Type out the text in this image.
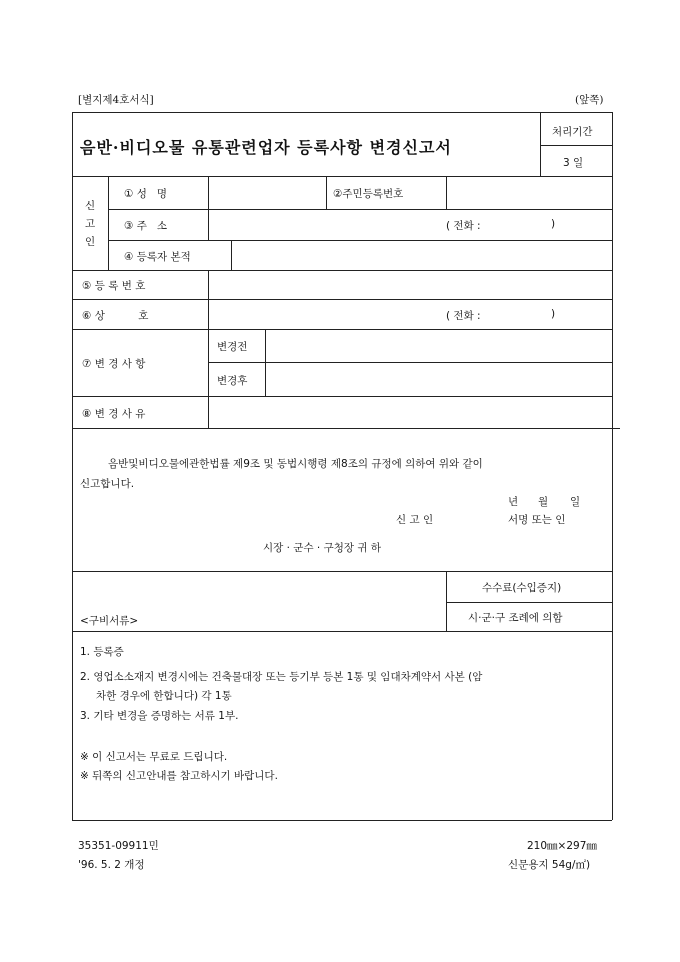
[별지제4호서식]	(앞쪽)
음반·비디오물 유통관련업자 등록사항 변경신고서
처리기간
3 일
신
고
인
① 성   명	②주민등록번호
③ 주   소	( 전화 :	)
④ 등록자 본적
⑤ 등 록 번 호
⑥ 상          호	( 전화 :	)
⑦ 변 경 사 항
변경전
변경후
⑧ 변 경 사 유
음반및비디오물에관한법률 제9조 및 동법시행령 제8조의 규정에 의하여 위와 같이
신고합니다.
년 월 일
신 고 인	서명 또는 인
시장 · 군수 · 구청장 귀 하
<구비서류>
수수료(수입증지)
시·군·구 조례에 의함
1. 등록증
2. 영업소소재지 변경시에는 건축물대장 또는 등기부 등본 1통 및 임대차계약서 사본 (암
차한 경우에 한합니다) 각 1통
3. 기타 변경을 증명하는 서류 1부.
※ 이 신고서는 무료로 드립니다.
※ 뒤쪽의 신고안내를 참고하시기 바랍니다.
35351-09911민
'96. 5. 2 개정
210㎜×297㎜
신문용지 54g/㎡)
